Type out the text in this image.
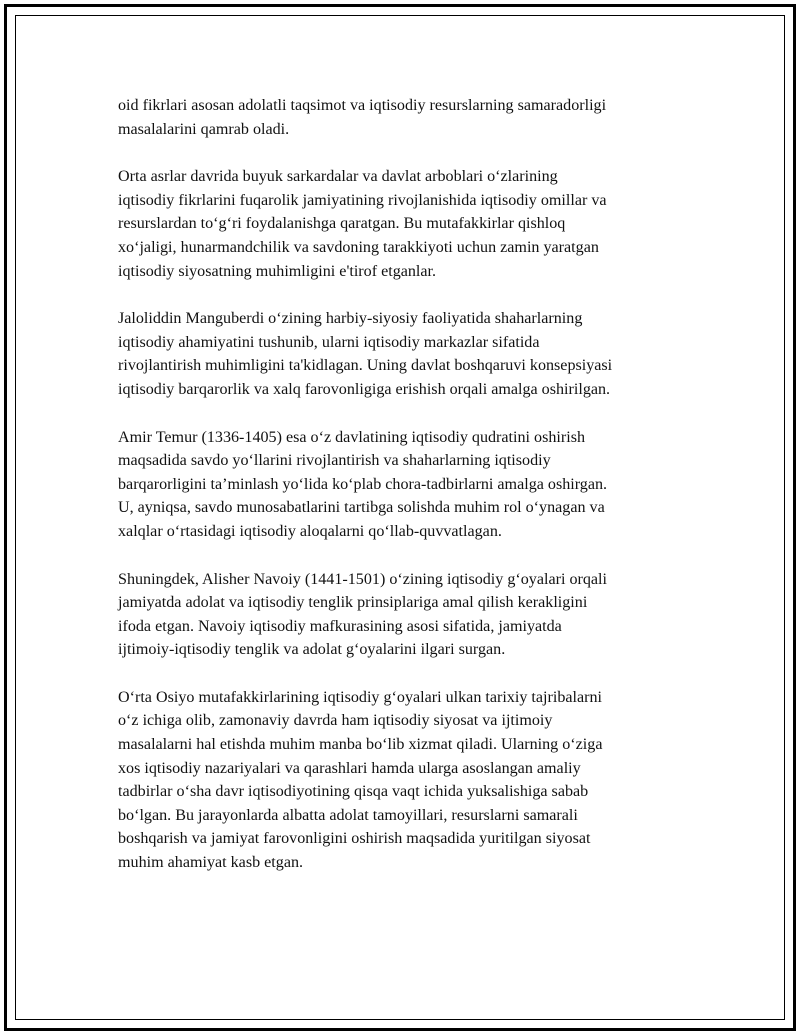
oid fikrlari asosan adolatli taqsimot va iqtisodiy resurslarning samaradorligi
masalalarini qamrab oladi.

Orta asrlar davrida buyuk sarkardalar va davlat arboblari o‘zlarining
iqtisodiy fikrlarini fuqarolik jamiyatining rivojlanishida iqtisodiy omillar va
resurslardan to‘g‘ri foydalanishga qaratgan. Bu mutafakkirlar qishloq
xo‘jaligi, hunarmandchilik va savdoning tarakkiyoti uchun zamin yaratgan
iqtisodiy siyosatning muhimligini e'tirof etganlar.

Jaloliddin Manguberdi o‘zining harbiy-siyosiy faoliyatida shaharlarning
iqtisodiy ahamiyatini tushunib, ularni iqtisodiy markazlar sifatida
rivojlantirish muhimligini ta'kidlagan. Uning davlat boshqaruvi konsepsiyasi
iqtisodiy barqarorlik va xalq farovonligiga erishish orqali amalga oshirilgan.

Amir Temur (1336-1405) esa o‘z davlatining iqtisodiy qudratini oshirish
maqsadida savdo yo‘llarini rivojlantirish va shaharlarning iqtisodiy
barqarorligini ta’minlash yo‘lida ko‘plab chora-tadbirlarni amalga oshirgan.
U, ayniqsa, savdo munosabatlarini tartibga solishda muhim rol o‘ynagan va
xalqlar o‘rtasidagi iqtisodiy aloqalarni qo‘llab-quvvatlagan.

Shuningdek, Alisher Navoiy (1441-1501) o‘zining iqtisodiy g‘oyalari orqali
jamiyatda adolat va iqtisodiy tenglik prinsiplariga amal qilish kerakligini
ifoda etgan. Navoiy iqtisodiy mafkurasining asosi sifatida, jamiyatda
ijtimoiy-iqtisodiy tenglik va adolat g‘oyalarini ilgari surgan.

O‘rta Osiyo mutafakkirlarining iqtisodiy g‘oyalari ulkan tarixiy tajribalarni
o‘z ichiga olib, zamonaviy davrda ham iqtisodiy siyosat va ijtimoiy
masalalarni hal etishda muhim manba bo‘lib xizmat qiladi. Ularning o‘ziga
xos iqtisodiy nazariyalari va qarashlari hamda ularga asoslangan amaliy
tadbirlar o‘sha davr iqtisodiyotining qisqa vaqt ichida yuksalishiga sabab
bo‘lgan. Bu jarayonlarda albatta adolat tamoyillari, resurslarni samarali
boshqarish va jamiyat farovonligini oshirish maqsadida yuritilgan siyosat
muhim ahamiyat kasb etgan.
